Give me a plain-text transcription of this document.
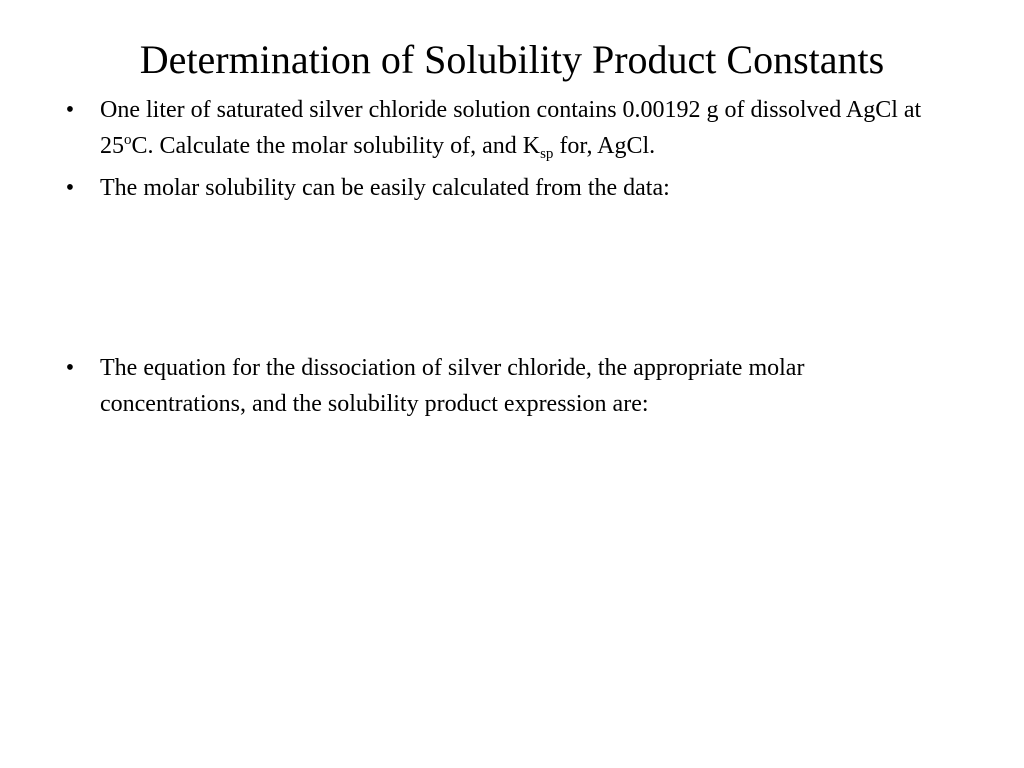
Determination of Solubility Product Constants
• One liter of saturated silver chloride solution contains 0.00192 g of dissolved AgCl at 25$^o$C. Calculate the molar solubility of, and $K_{sp}$ for, AgCl.
• The molar solubility can be easily calculated from the data:
• The equation for the dissociation of silver chloride, the appropriate molar concentrations, and the solubility product expression are:
